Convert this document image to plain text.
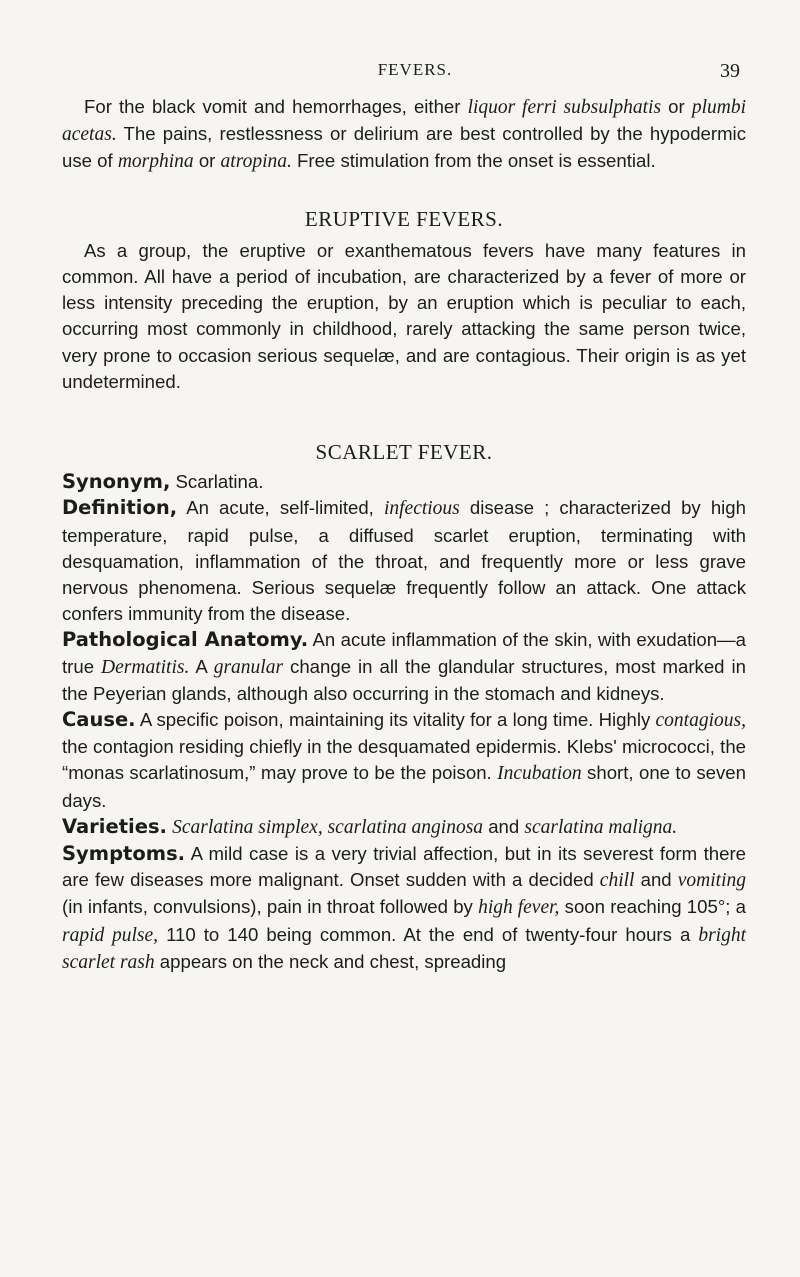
FEVERS.	39

For the black vomit and hemorrhages, either liquor ferri subsulphatis or plumbi acetas. The pains, restlessness or delirium are best controlled by the hypodermic use of morphina or atropina. Free stimulation from the onset is essential.

ERUPTIVE FEVERS.

As a group, the eruptive or exanthematous fevers have many features in common. All have a period of incubation, are characterized by a fever of more or less intensity preceding the eruption, by an eruption which is peculiar to each, occurring most commonly in childhood, rarely attacking the same person twice, very prone to occasion serious sequelæ, and are contagious. Their origin is as yet undetermined.

SCARLET FEVER.

Synonym, Scarlatina.

Definition, An acute, self-limited, infectious disease ; characterized by high temperature, rapid pulse, a diffused scarlet eruption, terminating with desquamation, inflammation of the throat, and frequently more or less grave nervous phenomena. Serious sequelæ frequently follow an attack. One attack confers immunity from the disease.

Pathological Anatomy. An acute inflammation of the skin, with exudation—a true Dermatitis. A granular change in all the glandular structures, most marked in the Peyerian glands, although also occurring in the stomach and kidneys.

Cause. A specific poison, maintaining its vitality for a long time. Highly contagious, the contagion residing chiefly in the desquamated epidermis. Klebs' micrococci, the “monas scarlatinosum,” may prove to be the poison. Incubation short, one to seven days.

Varieties. Scarlatina simplex, scarlatina anginosa and scarlatina maligna.

Symptoms. A mild case is a very trivial affection, but in its severest form there are few diseases more malignant. Onset sudden with a decided chill and vomiting (in infants, convulsions), pain in throat followed by high fever, soon reaching 105°; a rapid pulse, 110 to 140 being common. At the end of twenty-four hours a bright scarlet rash appears on the neck and chest, spreading
